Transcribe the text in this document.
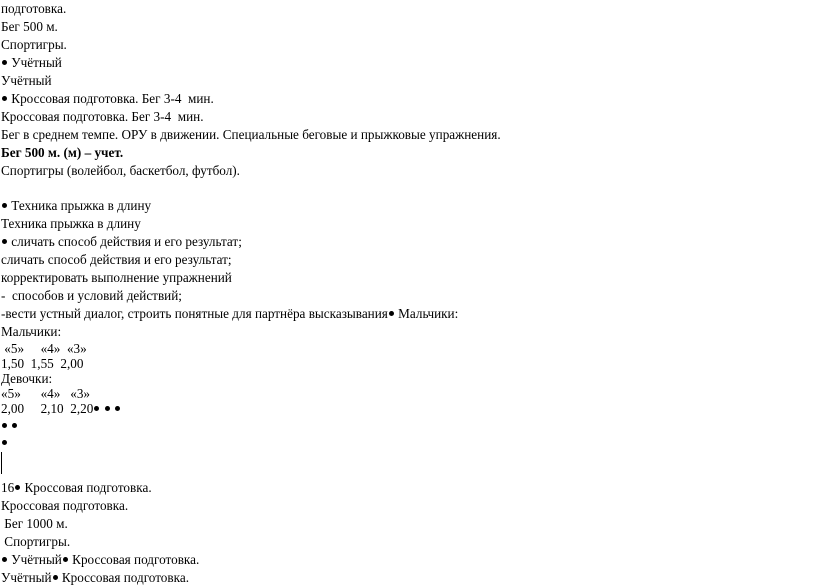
подготовка.
Бег 500 м.
Спортигры.
Учётный
Учётный
Кроссовая подготовка. Бег 3-4  мин.
Кроссовая подготовка. Бег 3-4  мин.
Бег в среднем темпе. ОРУ в движении. Специальные беговые и прыжковые упражнения.
Бег 500 м. (м) – учет.
Спортигры (волейбол, баскетбол, футбол).
Техника прыжка в длину
Техника прыжка в длину
сличать способ действия и его результат;
сличать способ действия и его результат;
корректировать выполнение упражнений
-  способов и условий действий;
-вести устный диалог, строить понятные для партнёра высказывания Мальчики:
Мальчики:
«5»     «4»  «3»
1,50  1,55  2,00
Девочки:
«5»      «4»   «3»
2,00     2,10  2,20

16 Кроссовая подготовка.
Кроссовая подготовка.
Бег 1000 м.
Спортигры.
Учётный Кроссовая подготовка.
Учётный Кроссовая подготовка.
